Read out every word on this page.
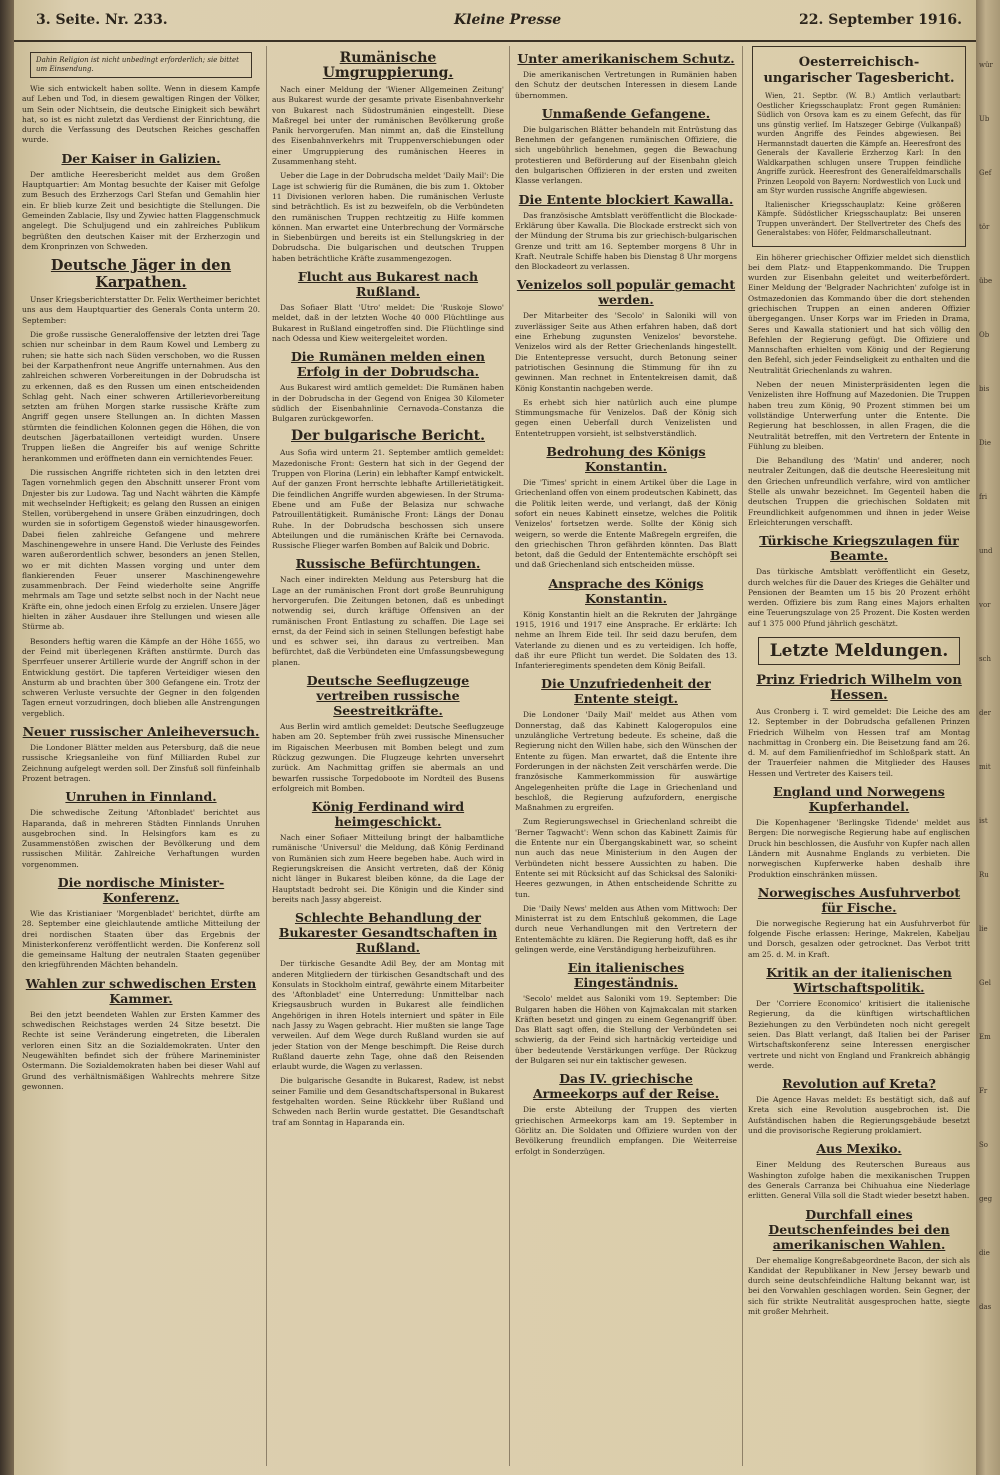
3. Seite. Nr. 233.	Kleine Presse	22. September 1916.
Dahin Religion ist nicht unbedingt erforderlich; sie bittet um Einsendung.

Wie sich entwickelt haben sollte. Wenn in diesem Kampfe auf Leben und Tod, in diesem gewaltigen Ringen der Völker, um Sein oder Nichtsein, die deutsche Einigkeit sich bewährt hat, so ist es nicht zuletzt das Verdienst der Einrichtung, die durch die Verfassung des Deutschen Reiches geschaffen wurde.

Der Kaiser in Galizien.

Der amtliche Heeresbericht meldet aus dem Großen Hauptquartier: Am Montag besuchte der Kaiser mit Gefolge zum Besuch des Erzherzogs Carl Stefan und Gemahlin hier ein. Er blieb kurze Zeit und besichtigte die Stellungen. Die Gemeinden Zablacie, Ilsy und Zywiec hatten Flaggenschmuck angelegt. Die Schuljugend und ein zahlreiches Publikum begrüßten den deutschen Kaiser mit der Erzherzogin und dem Kronprinzen von Schweden.

Deutsche Jäger in den Karpathen.

Unser Kriegsberichterstatter Dr. Felix Wertheimer berichtet uns aus dem Hauptquartier des Generals Conta unterm 20. September:

Die große russische Generaloffensive der letzten drei Tage schien nur scheinbar in dem Raum Kowel und Lemberg zu ruhen; sie hatte sich nach Süden verschoben, wo die Russen bei der Karpathenfront neue Angriffe unternahmen. Aus den zahlreichen schweren Vorbereitungen in der Dobrudscha ist zu erkennen, daß es den Russen um einen entscheidenden Schlag geht. Nach einer schweren Artillerievorbereitung setzten am frühen Morgen starke russische Kräfte zum Angriff gegen unsere Stellungen an. In dichten Massen stürmten die feindlichen Kolonnen gegen die Höhen, die von deutschen Jägerbataillonen verteidigt wurden. Unsere Truppen ließen die Angreifer bis auf wenige Schritte herankommen und eröffneten dann ein vernichtendes Feuer.

Die russischen Angriffe richteten sich in den letzten drei Tagen vornehmlich gegen den Abschnitt unserer Front vom Dnjester bis zur Ludowa. Tag und Nacht währten die Kämpfe mit wechselnder Heftigkeit; es gelang den Russen an einigen Stellen, vorübergehend in unsere Gräben einzudringen, doch wurden sie in sofortigem Gegenstoß wieder hinausgeworfen. Dabei fielen zahlreiche Gefangene und mehrere Maschinengewehre in unsere Hand. Die Verluste des Feindes waren außerordentlich schwer, besonders an jenen Stellen, wo er mit dichten Massen vorging und unter dem flankierenden Feuer unserer Maschinengewehre zusammenbrach. Der Feind wiederholte seine Angriffe mehrmals am Tage und setzte selbst noch in der Nacht neue Kräfte ein, ohne jedoch einen Erfolg zu erzielen. Unsere Jäger hielten in zäher Ausdauer ihre Stellungen und wiesen alle Stürme ab.

Besonders heftig waren die Kämpfe an der Höhe 1655, wo der Feind mit überlegenen Kräften anstürmte. Durch das Sperrfeuer unserer Artillerie wurde der Angriff schon in der Entwicklung gestört. Die tapferen Verteidiger wiesen den Ansturm ab und brachten über 300 Gefangene ein. Trotz der schweren Verluste versuchte der Gegner in den folgenden Tagen erneut vorzudringen, doch blieben alle Anstrengungen vergeblich.

Neuer russischer Anleiheversuch.

Die Londoner Blätter melden aus Petersburg, daß die neue russische Kriegsanleihe von fünf Milliarden Rubel zur Zeichnung aufgelegt werden soll. Der Zinsfuß soll fünfeinhalb Prozent betragen.

Unruhen in Finnland.

Die schwedische Zeitung 'Aftonbladet' berichtet aus Haparanda, daß in mehreren Städten Finnlands Unruhen ausgebrochen sind. In Helsingfors kam es zu Zusammenstößen zwischen der Bevölkerung und dem russischen Militär. Zahlreiche Verhaftungen wurden vorgenommen.

Die nordische Minister-Konferenz.

Wie das Kristianiaer 'Morgenbladet' berichtet, dürfte am 28. September eine gleichlautende amtliche Mitteilung der drei nordischen Staaten über das Ergebnis der Ministerkonferenz veröffentlicht werden. Die Konferenz soll die gemeinsame Haltung der neutralen Staaten gegenüber den kriegführenden Mächten behandeln.

Wahlen zur schwedischen Ersten Kammer.

Bei den jetzt beendeten Wahlen zur Ersten Kammer des schwedischen Reichstages werden 24 Sitze besetzt. Die Rechte ist seine Veränderung eingetreten, die Liberalen verloren einen Sitz an die Sozialdemokraten. Unter den Neugewählten befindet sich der frühere Marineminister Ostermann. Die Sozialdemokraten haben bei dieser Wahl auf Grund des verhältnismäßigen Wahlrechts mehrere Sitze gewonnen.

Rumänische Umgruppierung.

Nach einer Meldung der 'Wiener Allgemeinen Zeitung' aus Bukarest wurde der gesamte private Eisenbahnverkehr von Bukarest nach Südostrumänien eingestellt. Diese Maßregel bei unter der rumänischen Bevölkerung große Panik hervorgerufen. Man nimmt an, daß die Einstellung des Eisenbahnverkehrs mit Truppenverschiebungen oder einer Umgruppierung des rumänischen Heeres in Zusammenhang steht.

Ueber die Lage in der Dobrudscha meldet 'Daily Mail': Die Lage ist schwierig für die Rumänen, die bis zum 1. Oktober 11 Divisionen verloren haben. Die rumänischen Verluste sind beträchtlich. Es ist zu bezweifeln, ob die Verbündeten den rumänischen Truppen rechtzeitig zu Hilfe kommen können. Man erwartet eine Unterbrechung der Vormärsche in Siebenbürgen und bereits ist ein Stellungskrieg in der Dobrudscha. Die bulgarischen und deutschen Truppen haben beträchtliche Kräfte zusammengezogen.

Flucht aus Bukarest nach Rußland.

Das Sofiaer Blatt 'Utro' meldet: Die 'Ruskoje Slowo' meldet, daß in der letzten Woche 40 000 Flüchtlinge aus Bukarest in Rußland eingetroffen sind. Die Flüchtlinge sind nach Odessa und Kiew weitergeleitet worden.

Die Rumänen melden einen Erfolg in der Dobrudscha.

Aus Bukarest wird amtlich gemeldet: Die Rumänen haben in der Dobrudscha in der Gegend von Enigea 30 Kilometer südlich der Eisenbahnlinie Cernavoda–Constanza die Bulgaren zurückgeworfen.

Der bulgarische Bericht.

Aus Sofia wird unterm 21. September amtlich gemeldet: Mazedonische Front: Gestern hat sich in der Gegend der Truppen von Florina (Lerin) ein lebhafter Kampf entwickelt. Auf der ganzen Front herrschte lebhafte Artillerietätigkeit. Die feindlichen Angriffe wurden abgewiesen. In der Struma-Ebene und am Fuße der Belasiza nur schwache Patrouillentätigkeit. Rumänische Front: Längs der Donau Ruhe. In der Dobrudscha beschossen sich unsere Abteilungen und die rumänischen Kräfte bei Cernavoda. Russische Flieger warfen Bomben auf Balcik und Dobric.

Russische Befürchtungen.

Nach einer indirekten Meldung aus Petersburg hat die Lage an der rumänischen Front dort große Beunruhigung hervorgerufen. Die Zeitungen betonen, daß es unbedingt notwendig sei, durch kräftige Offensiven an der rumänischen Front Entlastung zu schaffen. Die Lage sei ernst, da der Feind sich in seinen Stellungen befestigt habe und es schwer sei, ihn daraus zu vertreiben. Man befürchtet, daß die Verbündeten eine Umfassungsbewegung planen.

Deutsche Seeflugzeuge vertreiben russische Seestreitkräfte.

Aus Berlin wird amtlich gemeldet: Deutsche Seeflugzeuge haben am 20. September früh zwei russische Minensucher im Rigaischen Meerbusen mit Bomben belegt und zum Rückzug gezwungen. Die Flugzeuge kehrten unversehrt zurück. Am Nachmittag griffen sie abermals an und bewarfen russische Torpedoboote im Nordteil des Busens erfolgreich mit Bomben.

König Ferdinand wird heimgeschickt.

Nach einer Sofiaer Mitteilung bringt der halbamtliche rumänische 'Universul' die Meldung, daß König Ferdinand von Rumänien sich zum Heere begeben habe. Auch wird in Regierungskreisen die Ansicht vertreten, daß der König nicht länger in Bukarest bleiben könne, da die Lage der Hauptstadt bedroht sei. Die Königin und die Kinder sind bereits nach Jassy abgereist.

Schlechte Behandlung der Bukarester Gesandtschaften in Rußland.

Der türkische Gesandte Adil Bey, der am Montag mit anderen Mitgliedern der türkischen Gesandtschaft und des Konsulats in Stockholm eintraf, gewährte einem Mitarbeiter des 'Aftonbladet' eine Unterredung: Unmittelbar nach Kriegsausbruch wurden in Bukarest alle feindlichen Angehörigen in ihren Hotels interniert und später in Eile nach Jassy zu Wagen gebracht. Hier mußten sie lange Tage verweilen. Auf dem Wege durch Rußland wurden sie auf jeder Station von der Menge beschimpft. Die Reise durch Rußland dauerte zehn Tage, ohne daß den Reisenden erlaubt wurde, die Wagen zu verlassen.

Die bulgarische Gesandte in Bukarest, Radew, ist nebst seiner Familie und dem Gesandtschaftspersonal in Bukarest festgehalten worden. Seine Rückkehr über Rußland und Schweden nach Berlin wurde gestattet. Die Gesandtschaft traf am Sonntag in Haparanda ein.

Unter amerikanischem Schutz.

Die amerikanischen Vertretungen in Rumänien haben den Schutz der deutschen Interessen in diesem Lande übernommen.

Unmaßende Gefangene.

Die bulgarischen Blätter behandeln mit Entrüstung das Benehmen der gefangenen rumänischen Offiziere, die sich ungebührlich benehmen, gegen die Bewachung protestieren und Beförderung auf der Eisenbahn gleich den bulgarischen Offizieren in der ersten und zweiten Klasse verlangen.

Die Entente blockiert Kawalla.

Das französische Amtsblatt veröffentlicht die Blockade-Erklärung über Kawalla. Die Blockade erstreckt sich von der Mündung der Struma bis zur griechisch-bulgarischen Grenze und tritt am 16. September morgens 8 Uhr in Kraft. Neutrale Schiffe haben bis Dienstag 8 Uhr morgens den Blockadeort zu verlassen.

Venizelos soll populär gemacht werden.

Der Mitarbeiter des 'Secolo' in Saloniki will von zuverlässiger Seite aus Athen erfahren haben, daß dort eine Erhebung zugunsten Venizelos' bevorstehe. Venizelos wird als der Retter Griechenlands hingestellt. Die Ententepresse versucht, durch Betonung seiner patriotischen Gesinnung die Stimmung für ihn zu gewinnen. Man rechnet in Ententekreisen damit, daß König Konstantin nachgeben werde.

Es erhebt sich hier natürlich auch eine plumpe Stimmungsmache für Venizelos. Daß der König sich gegen einen Ueberfall durch Venizelisten und Ententetruppen vorsieht, ist selbstverständlich.

Bedrohung des Königs Konstantin.

Die 'Times' spricht in einem Artikel über die Lage in Griechenland offen von einem prodeutschen Kabinett, das die Politik leiten werde, und verlangt, daß der König sofort ein neues Kabinett einsetze, welches die Politik Venizelos' fortsetzen werde. Sollte der König sich weigern, so werde die Entente Maßregeln ergreifen, die den griechischen Thron gefährden könnten. Das Blatt betont, daß die Geduld der Ententemächte erschöpft sei und daß Griechenland sich entscheiden müsse.

Ansprache des Königs Konstantin.

König Konstantin hielt an die Rekruten der Jahrgänge 1915, 1916 und 1917 eine Ansprache. Er erklärte: Ich nehme an Ihrem Eide teil. Ihr seid dazu berufen, dem Vaterlande zu dienen und es zu verteidigen. Ich hoffe, daß ihr eure Pflicht tun werdet. Die Soldaten des 13. Infanterieregiments spendeten dem König Beifall.

Die Unzufriedenheit der Entente steigt.

Die Londoner 'Daily Mail' meldet aus Athen vom Donnerstag, daß das Kabinett Kalogeropulos eine unzulängliche Vertretung bedeute. Es scheine, daß die Regierung nicht den Willen habe, sich den Wünschen der Entente zu fügen. Man erwartet, daß die Entente ihre Forderungen in der nächsten Zeit verschärfen werde. Die französische Kammerkommission für auswärtige Angelegenheiten prüfte die Lage in Griechenland und beschloß, die Regierung aufzufordern, energische Maßnahmen zu ergreifen.

Zum Regierungswechsel in Griechenland schreibt die 'Berner Tagwacht': Wenn schon das Kabinett Zaimis für die Entente nur ein Übergangskabinett war, so scheint nun auch das neue Ministerium in den Augen der Verbündeten nicht bessere Aussichten zu haben. Die Entente sei mit Rücksicht auf das Schicksal des Saloniki-Heeres gezwungen, in Athen entscheidende Schritte zu tun.

Die 'Daily News' melden aus Athen vom Mittwoch: Der Ministerrat ist zu dem Entschluß gekommen, die Lage durch neue Verhandlungen mit den Vertretern der Ententemächte zu klären. Die Regierung hofft, daß es ihr gelingen werde, eine Verständigung herbeizuführen.

Ein italienisches Eingeständnis.

'Secolo' meldet aus Saloniki vom 19. September: Die Bulgaren haben die Höhen von Kajmakcalan mit starken Kräften besetzt und gingen zu einem Gegenangriff über. Das Blatt sagt offen, die Stellung der Verbündeten sei schwierig, da der Feind sich hartnäckig verteidige und über bedeutende Verstärkungen verfüge. Der Rückzug der Bulgaren sei nur ein taktischer gewesen.

Das IV. griechische Armeekorps auf der Reise.

Die erste Abteilung der Truppen des vierten griechischen Armeekorps kam am 19. September in Görlitz an. Die Soldaten und Offiziere wurden von der Bevölkerung freundlich empfangen. Die Weiterreise erfolgt in Sonderzügen.

Oesterreichisch-ungarischer Tagesbericht.

Wien, 21. Septbr. (W. B.) Amtlich verlautbart: Oestlicher Kriegsschauplatz: Front gegen Rumänien: Südlich von Orsova kam es zu einem Gefecht, das für uns günstig verlief. Im Hatszeger Gebirge (Vulkanpaß) wurden Angriffe des Feindes abgewiesen. Bei Hermannstadt dauerten die Kämpfe an. Heeresfront des Generals der Kavallerie Erzherzog Karl: In den Waldkarpathen schlugen unsere Truppen feindliche Angriffe zurück. Heeresfront des Generalfeldmarschalls Prinzen Leopold von Bayern: Nordwestlich von Luck und am Styr wurden russische Angriffe abgewiesen.

Italienischer Kriegsschauplatz: Keine größeren Kämpfe. Südöstlicher Kriegsschauplatz: Bei unseren Truppen unverändert. Der Stellvertreter des Chefs des Generalstabes: von Höfer, Feldmarschalleutnant.

Ein höherer griechischer Offizier meldet sich dienstlich bei dem Platz- und Etappenkommando. Die Truppen wurden zur Eisenbahn geleitet und weiterbefördert. Einer Meldung der 'Belgrader Nachrichten' zufolge ist in Ostmazedonien das Kommando über die dort stehenden griechischen Truppen an einen anderen Offizier übergegangen. Unser Korps war im Frieden in Drama, Seres und Kawalla stationiert und hat sich völlig den Befehlen der Regierung gefügt. Die Offiziere und Mannschaften erhielten vom König und der Regierung den Befehl, sich jeder Feindseligkeit zu enthalten und die Neutralität Griechenlands zu wahren.

Neben der neuen Ministerpräsidenten legen die Venizelisten ihre Hoffnung auf Mazedonien. Die Truppen haben treu zum König, 90 Prozent stimmen bei um vollständige Unterwerfung unter die Entente. Die Regierung hat beschlossen, in allen Fragen, die die Neutralität betreffen, mit den Vertretern der Entente in Fühlung zu bleiben.

Die Behandlung des 'Matin' und anderer, noch neutraler Zeitungen, daß die deutsche Heeresleitung mit den Griechen unfreundlich verfahre, wird von amtlicher Stelle als unwahr bezeichnet. Im Gegenteil haben die deutschen Truppen die griechischen Soldaten mit Freundlichkeit aufgenommen und ihnen in jeder Weise Erleichterungen verschafft.

Türkische Kriegszulagen für Beamte.

Das türkische Amtsblatt veröffentlicht ein Gesetz, durch welches für die Dauer des Krieges die Gehälter und Pensionen der Beamten um 15 bis 20 Prozent erhöht werden. Offiziere bis zum Rang eines Majors erhalten eine Teuerungszulage von 25 Prozent. Die Kosten werden auf 1 375 000 Pfund jährlich geschätzt.

Letzte Meldungen.
Prinz Friedrich Wilhelm von Hessen.

Aus Cronberg i. T. wird gemeldet: Die Leiche des am 12. September in der Dobrudscha gefallenen Prinzen Friedrich Wilhelm von Hessen traf am Montag nachmittag in Cronberg ein. Die Beisetzung fand am 26. d. M. auf dem Familienfriedhof im Schloßpark statt. An der Trauerfeier nahmen die Mitglieder des Hauses Hessen und Vertreter des Kaisers teil.

England und Norwegens Kupferhandel.

Die Kopenhagener 'Berlingske Tidende' meldet aus Bergen: Die norwegische Regierung habe auf englischen Druck hin beschlossen, die Ausfuhr von Kupfer nach allen Ländern mit Ausnahme Englands zu verbieten. Die norwegischen Kupferwerke haben deshalb ihre Produktion einschränken müssen.

Norwegisches Ausfuhrverbot für Fische.

Die norwegische Regierung hat ein Ausfuhrverbot für folgende Fische erlassen: Heringe, Makrelen, Kabeljau und Dorsch, gesalzen oder getrocknet. Das Verbot tritt am 25. d. M. in Kraft.

Kritik an der italienischen Wirtschaftspolitik.

Der 'Corriere Economico' kritisiert die italienische Regierung, da die künftigen wirtschaftlichen Beziehungen zu den Verbündeten noch nicht geregelt seien. Das Blatt verlangt, daß Italien bei der Pariser Wirtschaftskonferenz seine Interessen energischer vertrete und nicht von England und Frankreich abhängig werde.

Revolution auf Kreta?

Die Agence Havas meldet: Es bestätigt sich, daß auf Kreta sich eine Revolution ausgebrochen ist. Die Aufständischen haben die Regierungsgebäude besetzt und die provisorische Regierung proklamiert.

Aus Mexiko.

Einer Meldung des Reuterschen Bureaus aus Washington zufolge haben die mexikanischen Truppen des Generals Carranza bei Chihuahua eine Niederlage erlitten. General Villa soll die Stadt wieder besetzt haben.

Durchfall eines Deutschenfeindes bei den amerikanischen Wahlen.

Der ehemalige Kongreßabgeordnete Bacon, der sich als Kandidat der Republikaner in New Jersey bewarb und durch seine deutschfeindliche Haltung bekannt war, ist bei den Vorwahlen geschlagen worden. Sein Gegner, der sich für strikte Neutralität ausgesprochen hatte, siegte mit großer Mehrheit.

wür
Ub
Gef
tör
übe
Ob
bis
Die
fri
und
vor
sch
der
mit
ist
Ru
lie
Gel
Em
Fr
So
geg
die
das
